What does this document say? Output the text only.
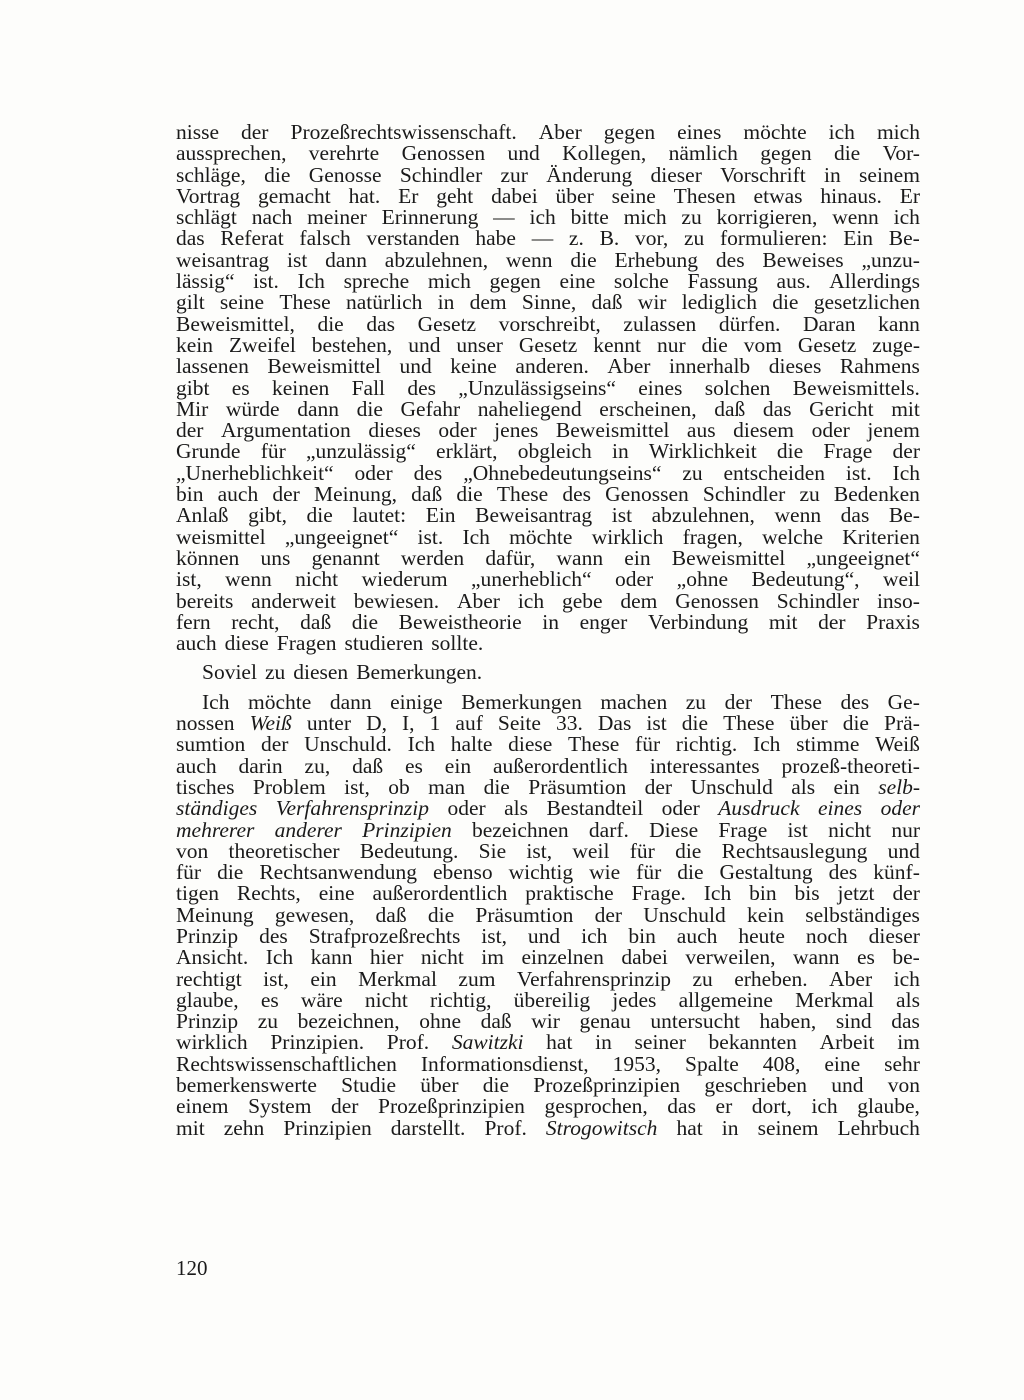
nisse der Prozeßrechtswissenschaft. Aber gegen eines möchte ich mich
aussprechen, verehrte Genossen und Kollegen, nämlich gegen die Vor-
schläge, die Genosse Schindler zur Änderung dieser Vorschrift in seinem
Vortrag gemacht hat. Er geht dabei über seine Thesen etwas hinaus. Er
schlägt nach meiner Erinnerung — ich bitte mich zu korrigieren, wenn ich
das Referat falsch verstanden habe — z. B. vor, zu formulieren: Ein Be-
weisantrag ist dann abzulehnen, wenn die Erhebung des Beweises „unzu-
lässig“ ist. Ich spreche mich gegen eine solche Fassung aus. Allerdings
gilt seine These natürlich in dem Sinne, daß wir lediglich die gesetzlichen
Beweismittel, die das Gesetz vorschreibt, zulassen dürfen. Daran kann
kein Zweifel bestehen, und unser Gesetz kennt nur die vom Gesetz zuge-
lassenen Beweismittel und keine anderen. Aber innerhalb dieses Rahmens
gibt es keinen Fall des „Unzulässigseins“ eines solchen Beweismittels.
Mir würde dann die Gefahr naheliegend erscheinen, daß das Gericht mit
der Argumentation dieses oder jenes Beweismittel aus diesem oder jenem
Grunde für „unzulässig“ erklärt, obgleich in Wirklichkeit die Frage der
„Unerheblichkeit“ oder des „Ohnebedeutungseins“ zu entscheiden ist. Ich
bin auch der Meinung, daß die These des Genossen Schindler zu Bedenken
Anlaß gibt, die lautet: Ein Beweisantrag ist abzulehnen, wenn das Be-
weismittel „ungeeignet“ ist. Ich möchte wirklich fragen, welche Kriterien
können uns genannt werden dafür, wann ein Beweismittel „ungeeignet“
ist, wenn nicht wiederum „unerheblich“ oder „ohne Bedeutung“, weil
bereits anderweit bewiesen. Aber ich gebe dem Genossen Schindler inso-
fern recht, daß die Beweistheorie in enger Verbindung mit der Praxis
auch diese Fragen studieren sollte.
Soviel zu diesen Bemerkungen.
Ich möchte dann einige Bemerkungen machen zu der These des Ge-
nossen Weiß unter D, I, 1 auf Seite 33. Das ist die These über die Prä-
sumtion der Unschuld. Ich halte diese These für richtig. Ich stimme Weiß
auch darin zu, daß es ein außerordentlich interessantes prozeß-theoreti-
tisches Problem ist, ob man die Präsumtion der Unschuld als ein selb-
ständiges Verfahrensprinzip oder als Bestandteil oder Ausdruck eines oder
mehrerer anderer Prinzipien bezeichnen darf. Diese Frage ist nicht nur
von theoretischer Bedeutung. Sie ist, weil für die Rechtsauslegung und
für die Rechtsanwendung ebenso wichtig wie für die Gestaltung des künf-
tigen Rechts, eine außerordentlich praktische Frage. Ich bin bis jetzt der
Meinung gewesen, daß die Präsumtion der Unschuld kein selbständiges
Prinzip des Strafprozeßrechts ist, und ich bin auch heute noch dieser
Ansicht. Ich kann hier nicht im einzelnen dabei verweilen, wann es be-
rechtigt ist, ein Merkmal zum Verfahrensprinzip zu erheben. Aber ich
glaube, es wäre nicht richtig, übereilig jedes allgemeine Merkmal als
Prinzip zu bezeichnen, ohne daß wir genau untersucht haben, sind das
wirklich Prinzipien. Prof. Sawitzki hat in seiner bekannten Arbeit im
Rechtswissenschaftlichen Informationsdienst, 1953, Spalte 408, eine sehr
bemerkenswerte Studie über die Prozeßprinzipien geschrieben und von
einem System der Prozeßprinzipien gesprochen, das er dort, ich glaube,
mit zehn Prinzipien darstellt. Prof. Strogowitsch hat in seinem Lehrbuch
120
